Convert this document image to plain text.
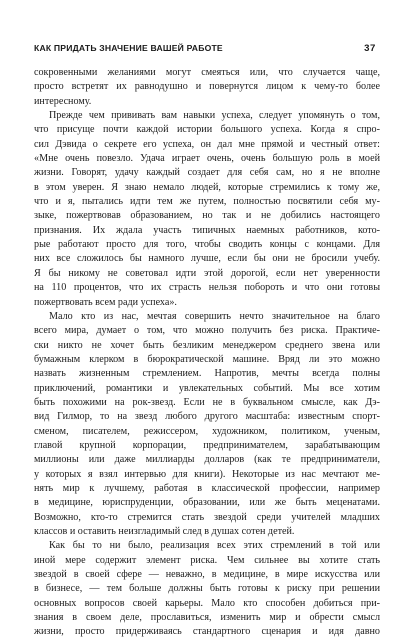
КАК ПРИДАТЬ ЗНАЧЕНИЕ ВАШЕЙ РАБОТЕ	37
сокровенными желаниями могут смеяться или, что случается чаще,
просто встретят их равнодушно и повернутся лицом к чему-то более
интересному.
Прежде чем прививать вам навыки успеха, следует упомянуть о том,
что присуще почти каждой истории большого успеха. Когда я спро-
сил Дэвида о секрете его успеха, он дал мне прямой и честный ответ:
«Мне очень повезло. Удача играет очень, очень большую роль в моей
жизни. Говорят, удачу каждый создает для себя сам, но я не вполне
в этом уверен. Я знаю немало людей, которые стремились к тому же,
что и я, пытались идти тем же путем, полностью посвятили себя му-
зыке, пожертвовав образованием, но так и не добились настоящего
признания. Их ждала участь типичных наемных работников, кото-
рые работают просто для того, чтобы сводить концы с концами. Для
них все сложилось бы намного лучше, если бы они не бросили учебу.
Я бы никому не советовал идти этой дорогой, если нет уверенности
на 110 процентов, что их страсть нельзя побороть и что они готовы
пожертвовать всем ради успеха».
Мало кто из нас, мечтая совершить нечто значительное на благо
всего мира, думает о том, что можно получить без риска. Практиче-
ски никто не хочет быть безликим менеджером среднего звена или
бумажным клерком в бюрократической машине. Вряд ли это можно
назвать жизненным стремлением. Напротив, мечты всегда полны
приключений, романтики и увлекательных событий. Мы все хотим
быть похожими на рок-звезд. Если не в буквальном смысле, как Дэ-
вид Гилмор, то на звезд любого другого масштаба: известным спорт-
сменом, писателем, режиссером, художником, политиком, ученым,
главой крупной корпорации, предпринимателем, зарабатывающим
миллионы или даже миллиарды долларов (как те предприниматели,
у которых я взял интервью для книги). Некоторые из нас мечтают ме-
нять мир к лучшему, работая в классической профессии, например
в медицине, юриспруденции, образовании, или же быть меценатами.
Возможно, кто-то стремится стать звездой среди учителей младших
классов и оставить неизгладимый след в душах сотен детей.
Как бы то ни было, реализация всех этих стремлений в той или
иной мере содержит элемент риска. Чем сильнее вы хотите стать
звездой в своей сфере — неважно, в медицине, в мире искусства или
в бизнесе, — тем больше должны быть готовы к риску при решении
основных вопросов своей карьеры. Мало кто способен добиться при-
знания в своем деле, прославиться, изменить мир и обрести смысл
жизни, просто придерживаясь стандартного сценария и идя давно
